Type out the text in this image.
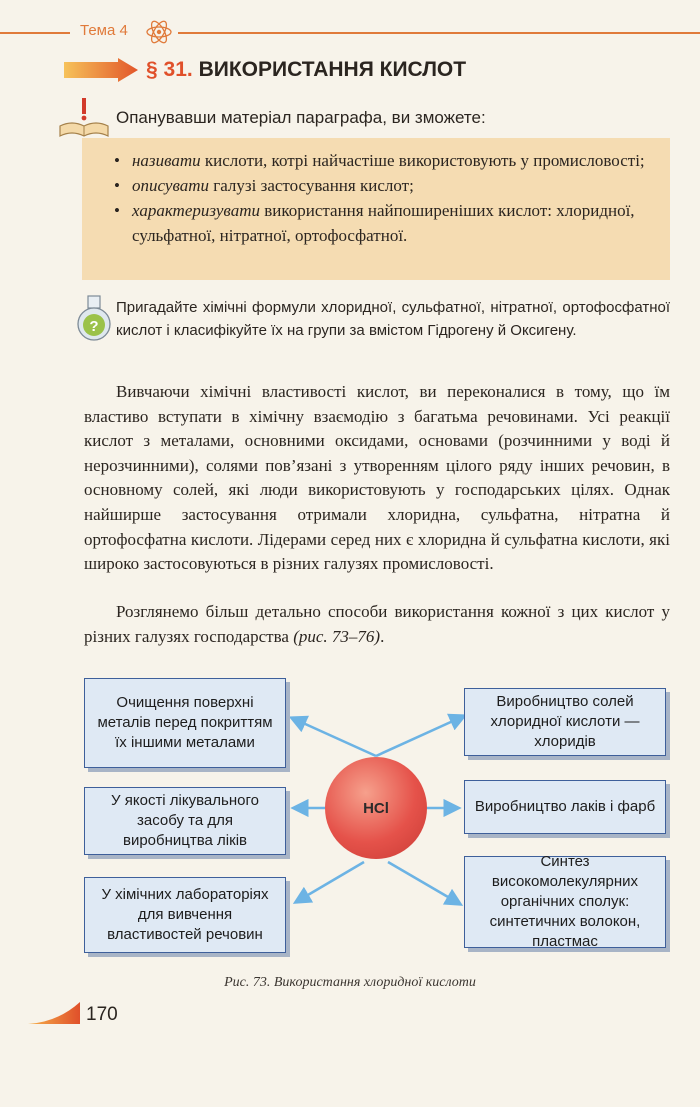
Тема 4
§ 31. ВИКОРИСТАННЯ КИСЛОТ
Опанувавши матеріал параграфа, ви зможете:
• називати кислоти, котрі найчастіше використовують у промисловості;
• описувати галузі застосування кислот;
• характеризувати використання найпоширеніших кислот: хлоридної, сульфатної, нітратної, ортофосфатної.
?
Пригадайте хімічні формули хлоридної, сульфатної, нітратної, ортофосфатної кислот і класифікуйте їх на групи за вмістом Гідрогену й Оксигену.

Вивчаючи хімічні властивості кислот, ви переконалися в тому, що їм властиво вступати в хімічну взаємодію з багатьма речовинами. Усі реакції кислот з металами, основними оксидами, основами (розчинними у воді й нерозчинними), солями пов’язані з утворенням цілого ряду інших речовин, в основному солей, які люди використовують у господарських цілях. Однак найширше застосування отримали хлоридна, сульфатна, нітратна й ортофосфатна кислоти. Лідерами серед них є хлоридна й сульфатна кислоти, які широко застосовуються в різних галузях промисловості.

Розглянемо більш детально способи використання кожної з цих кислот у різних галузях господарства (рис. 73–76).

Очищення поверхні металів перед покриттям їх іншими металами
У якості лікувального засобу та для виробництва ліків
У хімічних лабораторіях для вивчення властивостей речовин
HCl
Виробництво солей хлоридної кислоти — хлоридів
Виробництво лаків і фарб
Синтез високомолекулярних органічних сполук: синтетичних волокон, пластмас
Рис. 73. Використання хлоридної кислоти
170
